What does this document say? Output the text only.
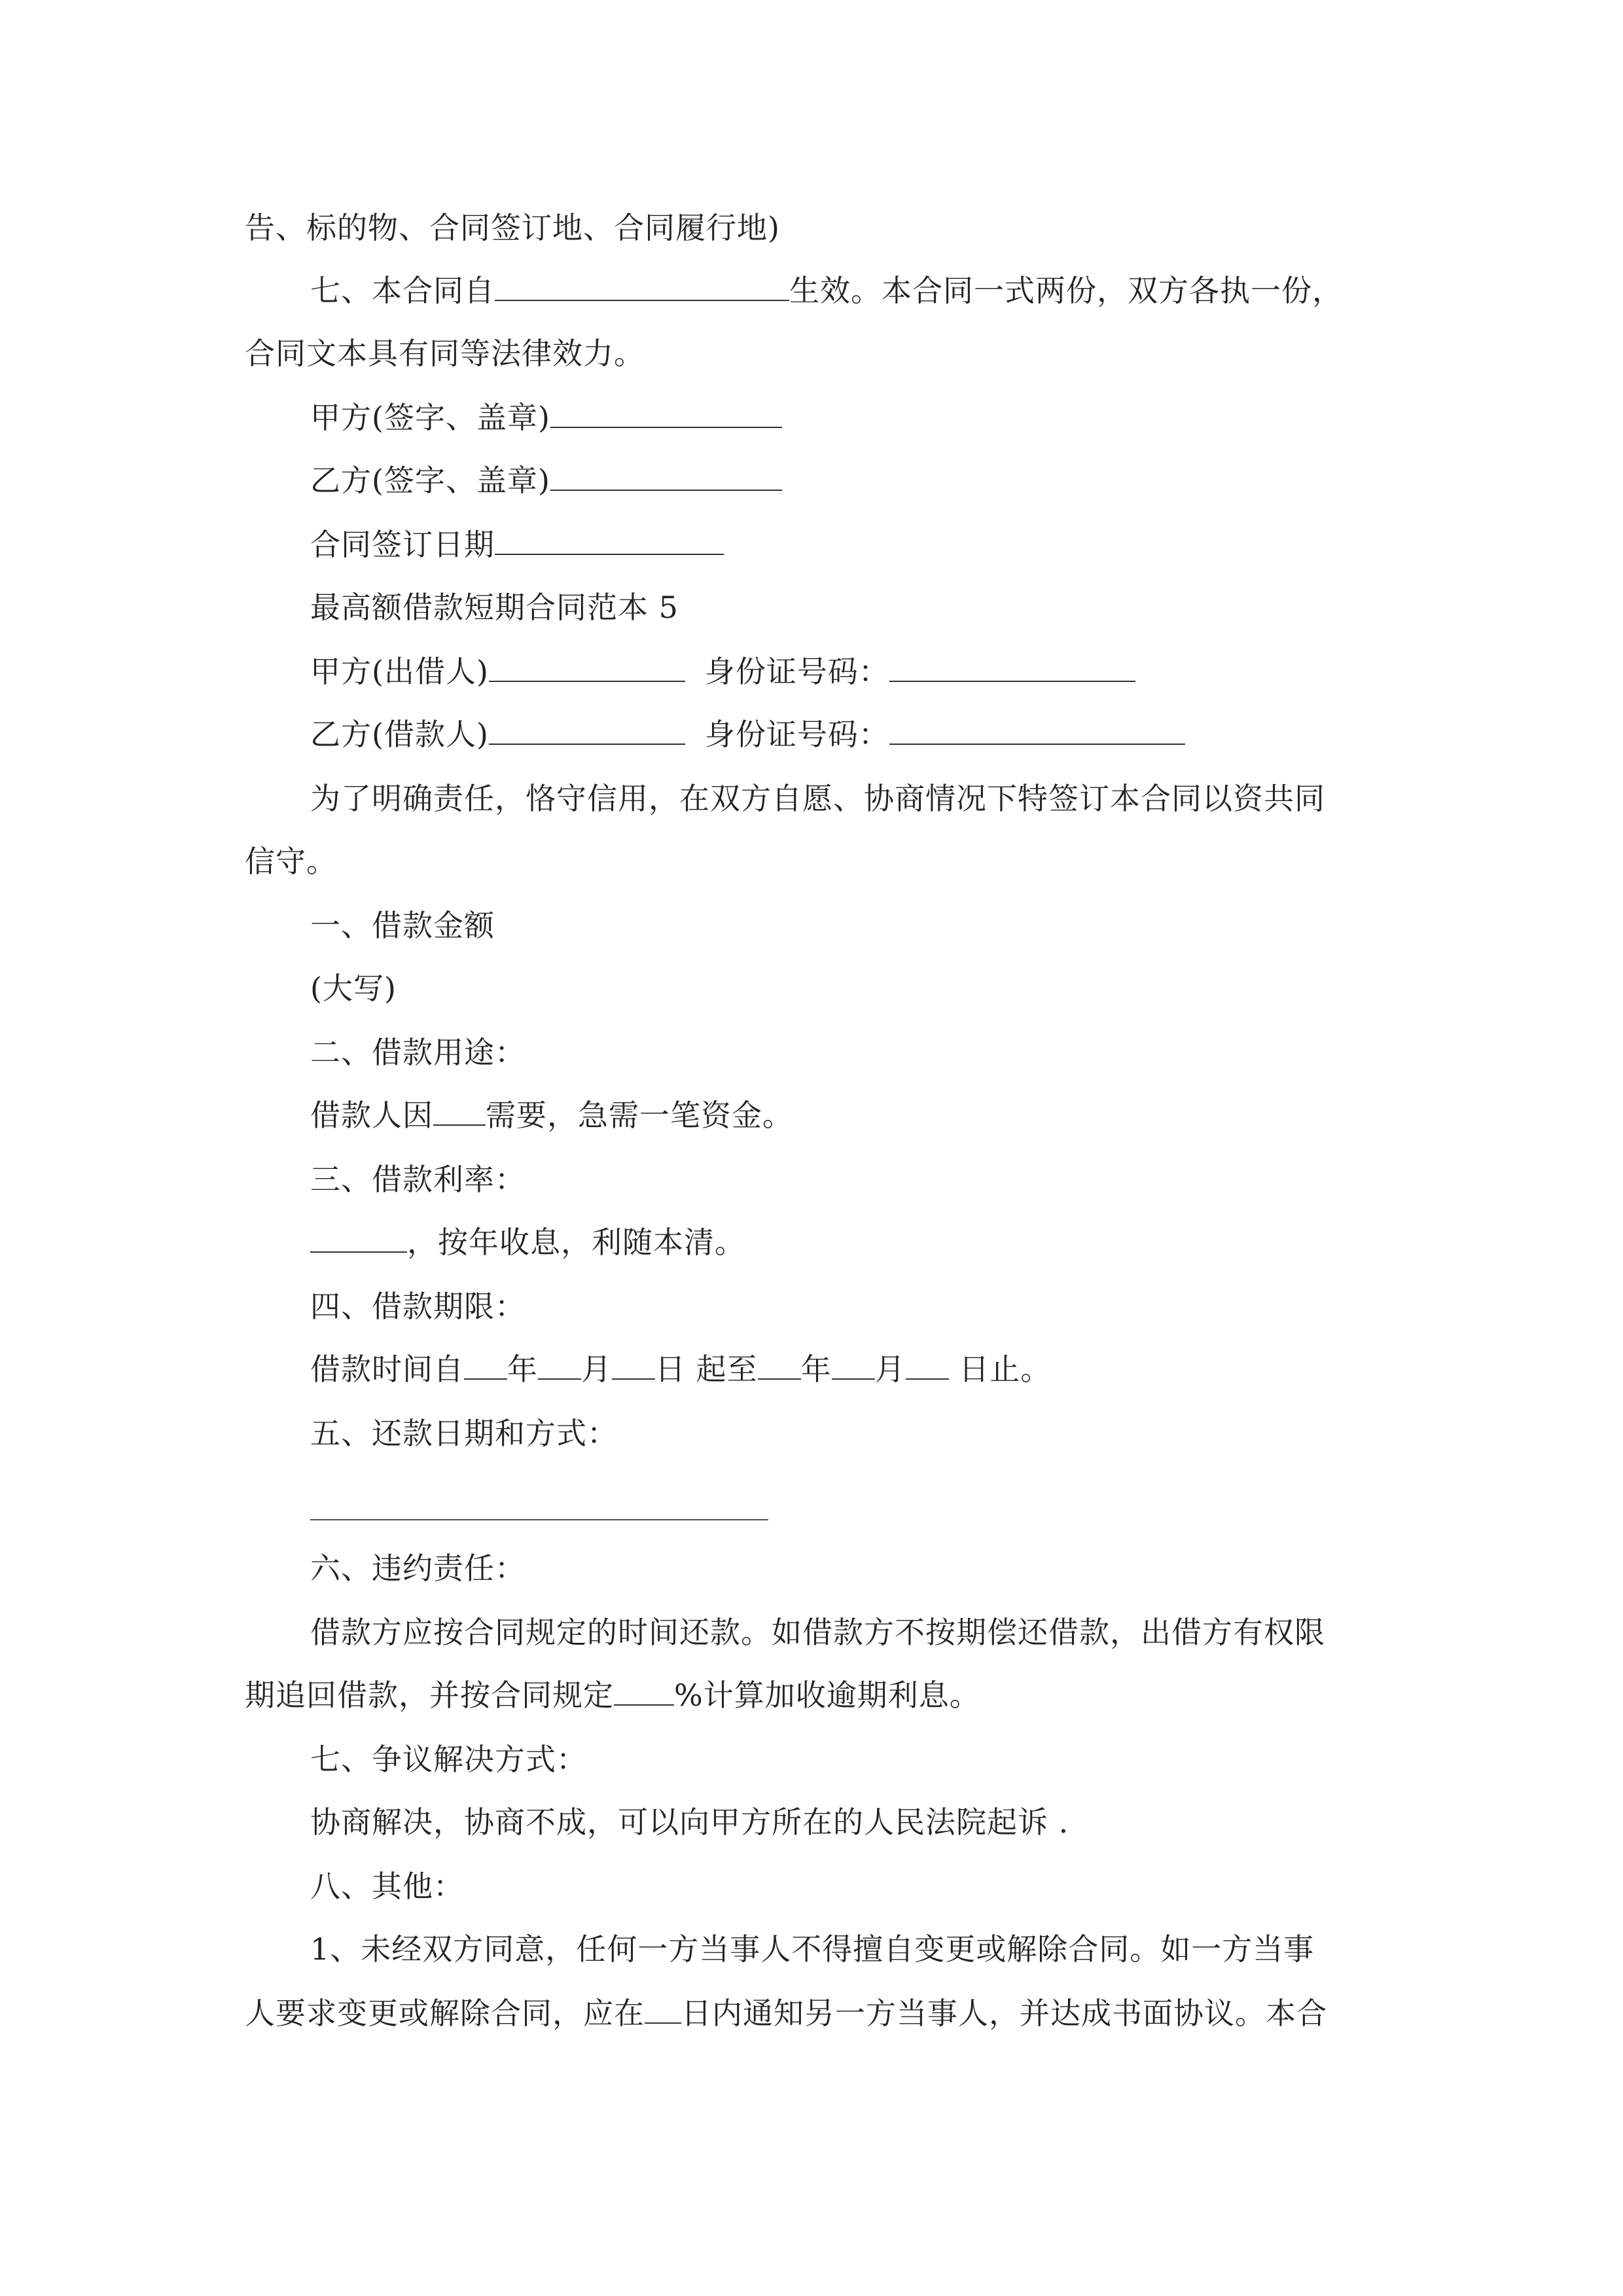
告、标的物、合同签订地、合同履行地)
七、本合同自	生效。本合同一式两份，双方各执一份，
合同文本具有同等法律效力。
甲方(签字、盖章)
乙方(签字、盖章)
合同签订日期
最高额借款短期合同范本 5
甲方(出借人)	身份证号码：
乙方(借款人)	身份证号码：
为了明确责任，恪守信用，在双方自愿、协商情况下特签订本合同以资共同
信守。
一、借款金额
(大写)
二、借款用途：
借款人因 需要，急需一笔资金。
三、借款利率：
，按年收息，利随本清。
四、借款期限：
借款时间自 年 月 日 起至 年 月 日止。
五、还款日期和方式：
六、违约责任：
借款方应按合同规定的时间还款。如借款方不按期偿还借款，出借方有权限
期追回借款，并按合同规定 %计算加收逾期利息。
七、争议解决方式：
协商解决，协商不成，可以向甲方所在的人民法院起诉 .
八、其他：
1、未经双方同意，任何一方当事人不得擅自变更或解除合同。如一方当事
人要求变更或解除合同，应在 日内通知另一方当事人，并达成书面协议。本合
